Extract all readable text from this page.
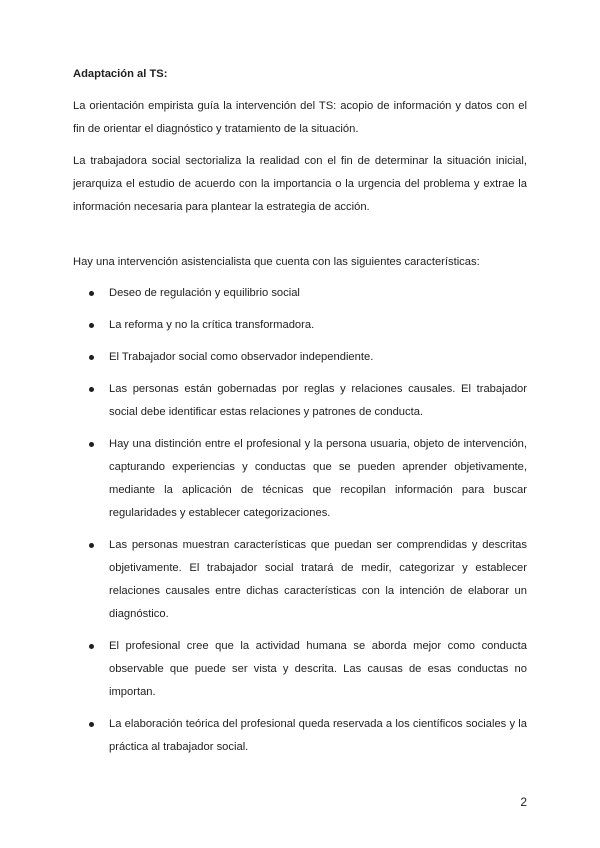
Adaptación al TS:

La orientación empirista guía la intervención del TS: acopio de información y datos con el fin de orientar el diagnóstico y tratamiento de la situación.

La trabajadora social sectorializa la realidad con el fin de determinar la situación inicial, jerarquiza el estudio de acuerdo con la importancia o la urgencia del problema y extrae la información necesaria para plantear la estrategia de acción.

Hay una intervención asistencialista que cuenta con las siguientes características:

Deseo de regulación y equilibrio social
La reforma y no la crítica transformadora.
El Trabajador social como observador independiente.
Las personas están gobernadas por reglas y relaciones causales. El trabajador social debe identificar estas relaciones y patrones de conducta.
Hay una distinción entre el profesional y la persona usuaria, objeto de intervención, capturando experiencias y conductas que se pueden aprender objetivamente, mediante la aplicación de técnicas que recopilan información para buscar regularidades y establecer categorizaciones.
Las personas muestran características que puedan ser comprendidas y descritas objetivamente. El trabajador social tratará de medir, categorizar y establecer relaciones causales entre dichas características con la intención de elaborar un diagnóstico.
El profesional cree que la actividad humana se aborda mejor como conducta observable que puede ser vista y descrita. Las causas de esas conductas no importan.
La elaboración teórica del profesional queda reservada a los científicos sociales y la práctica al trabajador social.
2
